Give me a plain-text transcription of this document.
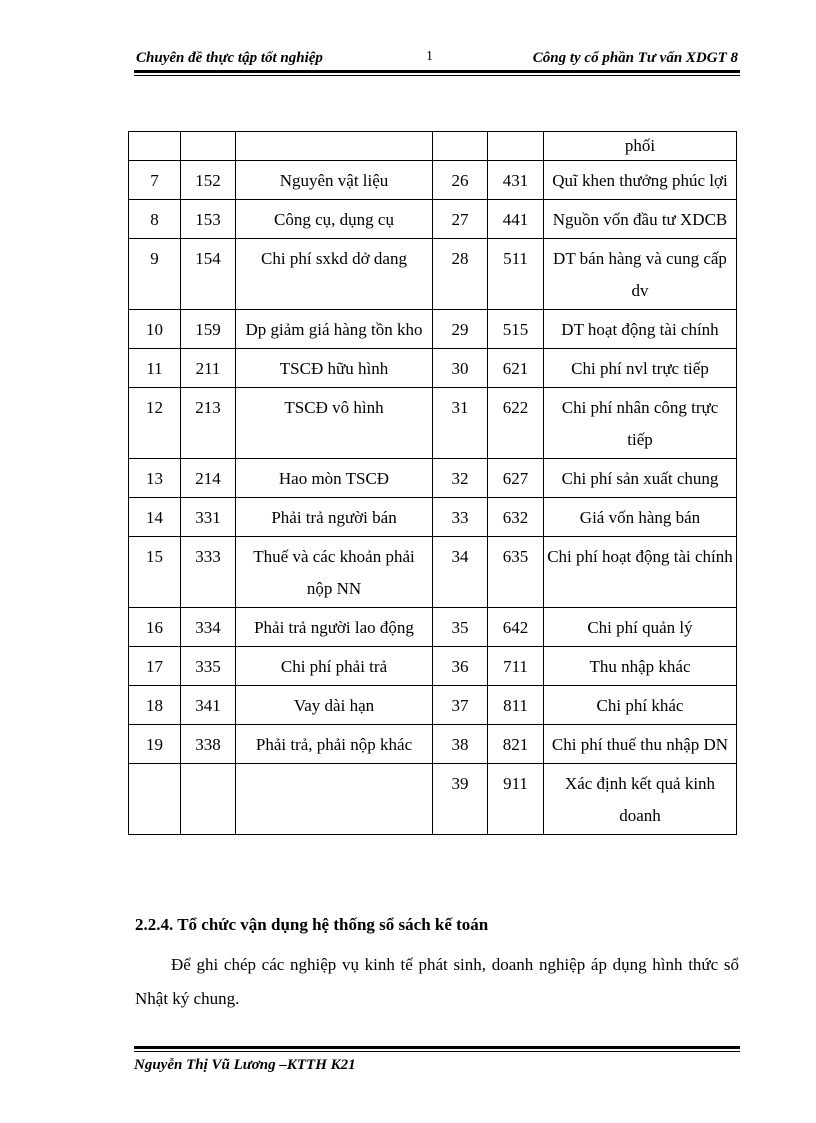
Chuyên đề thực tập tốt nghiệp	1	Công ty cổ phần Tư vấn XDGT 8
					phối
7	152	Nguyên vật liệu	26	431	Quĩ khen thưởng phúc lợi
8	153	Công cụ, dụng cụ	27	441	Nguồn vốn đầu tư XDCB
9	154	Chi phí sxkd dở dang	28	511	DT bán hàng và cung cấp dv
10	159	Dp giảm giá hàng tồn kho	29	515	DT hoạt động tài chính
11	211	TSCĐ hữu hình	30	621	Chi phí nvl trực tiếp
12	213	TSCĐ vô hình	31	622	Chi phí nhân công trực tiếp
13	214	Hao mòn TSCĐ	32	627	Chi phí sản xuất chung
14	331	Phải trả người bán	33	632	Giá vốn hàng bán
15	333	Thuế và các khoản phải nộp NN	34	635	Chi phí hoạt động tài chính
16	334	Phải trả người lao động	35	642	Chi phí quản lý
17	335	Chi phí phải trả	36	711	Thu nhập khác
18	341	Vay dài hạn	37	811	Chi phí khác
19	338	Phải trả, phải nộp khác	38	821	Chi phí thuế thu nhập DN
			39	911	Xác định kết quả kinh doanh
2.2.4. Tổ chức vận dụng hệ thống sổ sách kế toán
Để ghi chép các nghiệp vụ kinh tế phát sinh, doanh nghiệp áp dụng hình thức sổ Nhật ký chung.
Nguyễn Thị Vũ Lương –KTTH K21
